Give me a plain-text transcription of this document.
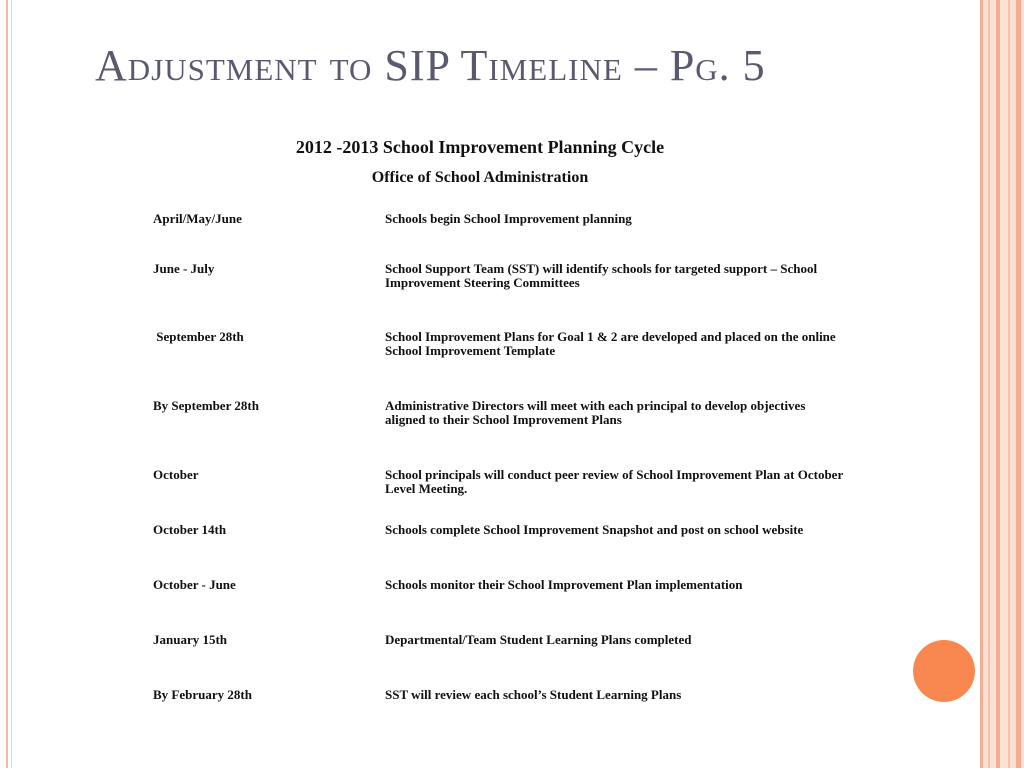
Adjustment to SIP Timeline – Pg. 5
2012 -2013 School Improvement Planning Cycle
Office of School Administration
April/May/June	Schools begin School Improvement planning
June - July	School Support Team (SST) will identify schools for targeted support – School Improvement Steering Committees
September 28th	School Improvement Plans for Goal 1 & 2 are developed and placed on the online School Improvement Template
By September 28th	Administrative Directors will meet with each principal to develop objectives aligned to their School Improvement Plans
October	School principals will conduct peer review of School Improvement Plan at October Level Meeting.
October 14th	Schools complete School Improvement Snapshot and post on school website
October - June	Schools monitor their School Improvement Plan implementation
January 15th	Departmental/Team Student Learning Plans completed
By February 28th	SST will review each school’s Student Learning Plans
